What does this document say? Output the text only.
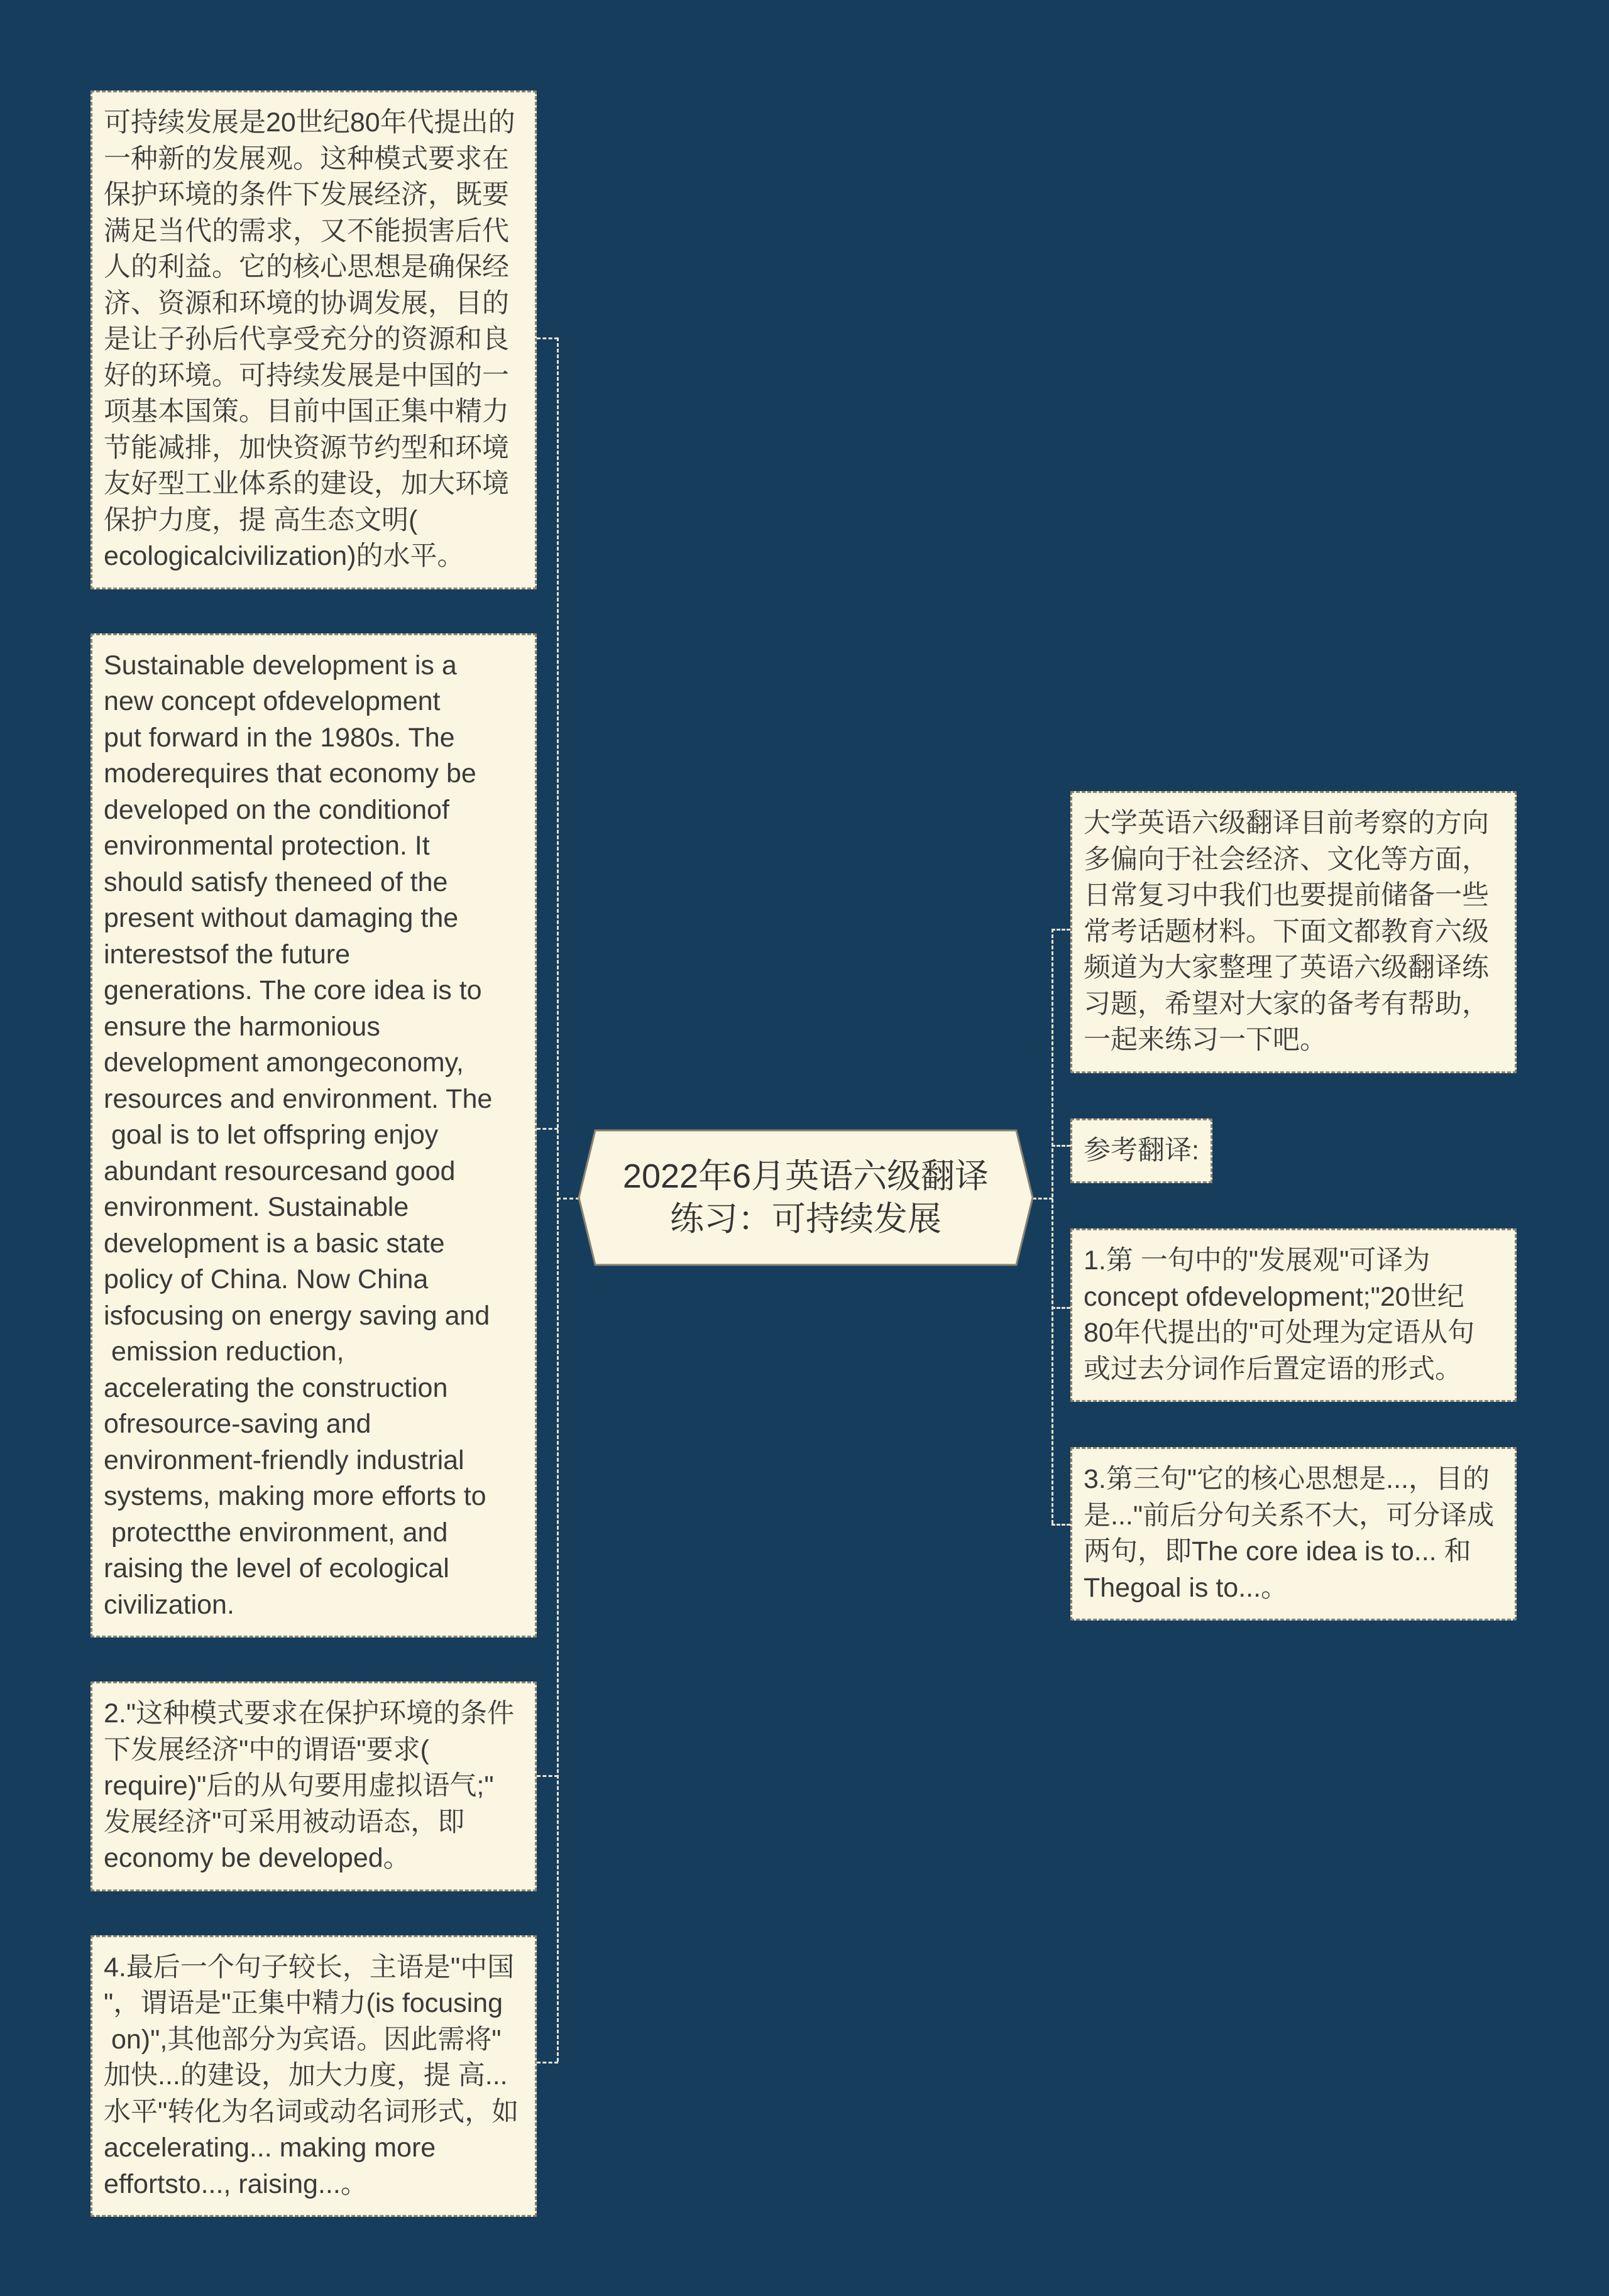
2022年6月英语六级翻译
练习：可持续发展
可持续发展是20世纪80年代提出的
一种新的发展观。这种模式要求在
保护环境的条件下发展经济，既要
满足当代的需求，又不能损害后代
人的利益。它的核心思想是确保经
济、资源和环境的协调发展，目的
是让子孙后代享受充分的资源和良
好的环境。可持续发展是中国的一
项基本国策。目前中国正集中精力
节能减排，加快资源节约型和环境
友好型工业体系的建设，加大环境
保护力度，提 高生态文明(
ecologicalcivilization)的水平。
Sustainable development is a
new concept ofdevelopment
put forward in the 1980s. The
moderequires that economy be
developed on the conditionof
environmental protection. It
should satisfy theneed of the
present without damaging the
interestsof the future
generations. The core idea is to
ensure the harmonious
development amongeconomy,
resources and environment. The
goal is to let offspring enjoy
abundant resourcesand good
environment. Sustainable
development is a basic state
policy of China. Now China
isfocusing on energy saving and
emission reduction,
accelerating the construction
ofresource-saving and
environment-friendly industrial
systems, making more efforts to
protectthe environment, and
raising the level of ecological
civilization.
2."这种模式要求在保护环境的条件
下发展经济"中的谓语"要求(
require)"后的从句要用虚拟语气;"
发展经济"可采用被动语态，即
economy be developed。
4.最后一个句子较长，主语是"中国
"，谓语是"正集中精力(is focusing
on)",其他部分为宾语。因此需将"
加快...的建设，加大力度，提 高...
水平"转化为名词或动名词形式，如
accelerating... making more
effortsto..., raising...。
大学英语六级翻译目前考察的方向
多偏向于社会经济、文化等方面，
日常复习中我们也要提前储备一些
常考话题材料。下面文都教育六级
频道为大家整理了英语六级翻译练
习题，希望对大家的备考有帮助，
一起来练习一下吧。
参考翻译:
1.第 一句中的"发展观"可译为
concept ofdevelopment;"20世纪
80年代提出的"可处理为定语从句
或过去分词作后置定语的形式。
3.第三句"它的核心思想是...，目的
是..."前后分句关系不大，可分译成
两句，即The core idea is to... 和
Thegoal is to...。
